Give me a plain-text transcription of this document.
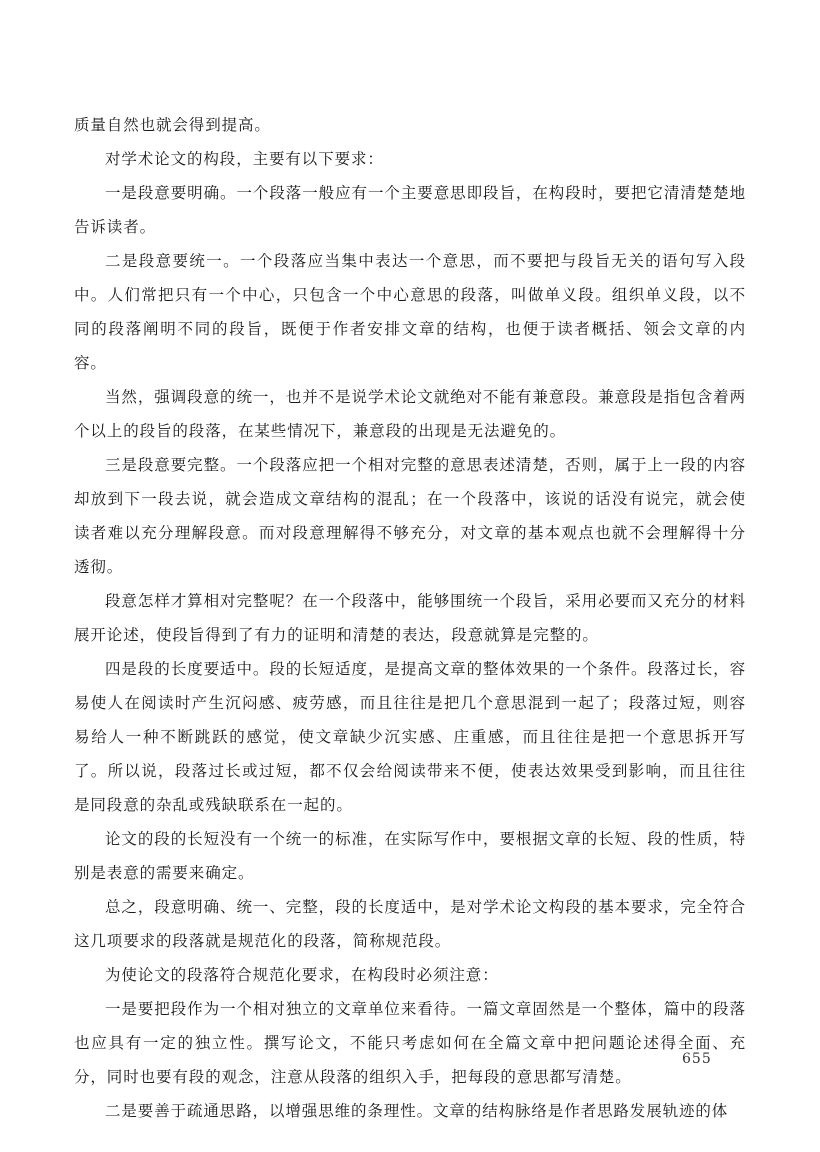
质量自然也就会得到提高。

对学术论文的构段，主要有以下要求：

一是段意要明确。一个段落一般应有一个主要意思即段旨，在构段时，要把它清清楚楚地告诉读者。

二是段意要统一。一个段落应当集中表达一个意思，而不要把与段旨无关的语句写入段中。人们常把只有一个中心，只包含一个中心意思的段落，叫做单义段。组织单义段，以不同的段落阐明不同的段旨，既便于作者安排文章的结构，也便于读者概括、领会文章的内容。

当然，强调段意的统一，也并不是说学术论文就绝对不能有兼意段。兼意段是指包含着两个以上的段旨的段落，在某些情况下，兼意段的出现是无法避免的。

三是段意要完整。一个段落应把一个相对完整的意思表述清楚，否则，属于上一段的内容却放到下一段去说，就会造成文章结构的混乱；在一个段落中，该说的话没有说完，就会使读者难以充分理解段意。而对段意理解得不够充分，对文章的基本观点也就不会理解得十分透彻。

段意怎样才算相对完整呢？在一个段落中，能够围统一个段旨，采用必要而又充分的材料展开论述，使段旨得到了有力的证明和清楚的表达，段意就算是完整的。

四是段的长度要适中。段的长短适度，是提高文章的整体效果的一个条件。段落过长，容易使人在阅读时产生沉闷感、疲劳感，而且往往是把几个意思混到一起了；段落过短，则容易给人一种不断跳跃的感觉，使文章缺少沉实感、庄重感，而且往往是把一个意思拆开写了。所以说，段落过长或过短，都不仅会给阅读带来不便，使表达效果受到影响，而且往往是同段意的杂乱或残缺联系在一起的。

论文的段的长短没有一个统一的标准，在实际写作中，要根据文章的长短、段的性质，特别是表意的需要来确定。

总之，段意明确、统一、完整，段的长度适中，是对学术论文构段的基本要求，完全符合这几项要求的段落就是规范化的段落，简称规范段。

为使论文的段落符合规范化要求，在构段时必须注意：

一是要把段作为一个相对独立的文章单位来看待。一篇文章固然是一个整体，篇中的段落也应具有一定的独立性。撰写论文，不能只考虑如何在全篇文章中把问题论述得全面、充分，同时也要有段的观念，注意从段落的组织入手，把每段的意思都写清楚。

二是要善于疏通思路，以增强思维的条理性。文章的结构脉络是作者思路发展轨迹的体

655
